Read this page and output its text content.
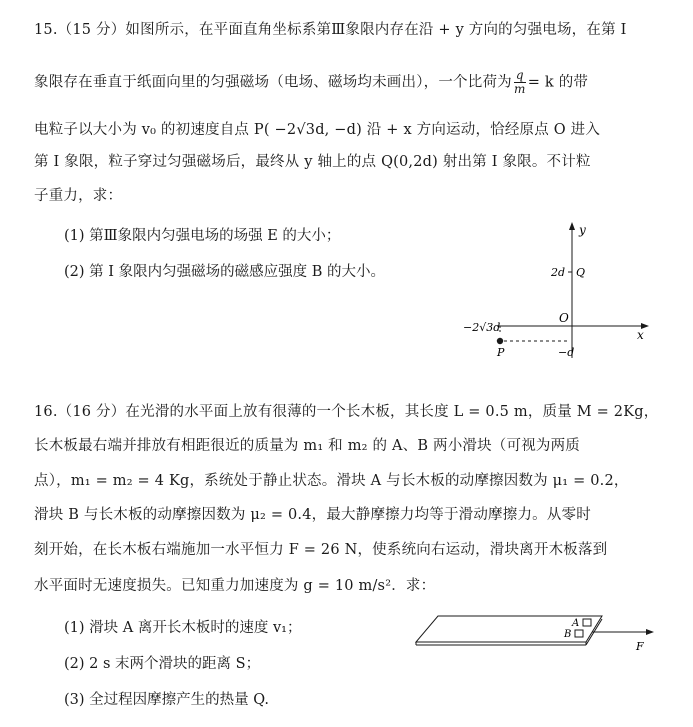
15.（15 分）如图所示，在平面直角坐标系第Ⅲ象限内存在沿 + y 方向的匀强电场，在第 Ⅰ
象限存在垂直于纸面向里的匀强磁场（电场、磁场均未画出），一个比荷为 $\frac{q}{m} = k$ 的带
电粒子以大小为 v₀ 的初速度自点 P( −2√3d, −d) 沿 + x 方向运动，恰经原点 O 进入
第 Ⅰ 象限，粒子穿过匀强磁场后，最终从 y 轴上的点 Q(0,2d) 射出第 Ⅰ 象限。不计粒
子重力，求：
(1) 第Ⅲ象限内匀强电场的场强 E 的大小；
(2) 第 Ⅰ 象限内匀强磁场的磁感应强度 B 的大小。
y
x
O
2d Q
−2√3d
P	−d
16.（16 分）在光滑的水平面上放有很薄的一个长木板，其长度 L = 0.5 m，质量 M = 2Kg，
长木板最右端并排放有相距很近的质量为 m₁ 和 m₂ 的 A、B 两小滑块（可视为两质
点），m₁ = m₂ = 4 Kg，系统处于静止状态。滑块 A 与长木板的动摩擦因数为 μ₁ = 0.2，
滑块 B 与长木板的动摩擦因数为 μ₂ = 0.4，最大静摩擦力均等于滑动摩擦力。从零时
刻开始，在长木板右端施加一水平恒力 F = 26 N，使系统向右运动，滑块离开木板落到
水平面时无速度损失。已知重力加速度为 g = 10 m/s²．求：
(1) 滑块 A 离开长木板时的速度 v₁；
(2) 2 s 末两个滑块的距离 S；
(3) 全过程因摩擦产生的热量 Q.
A
B
F
